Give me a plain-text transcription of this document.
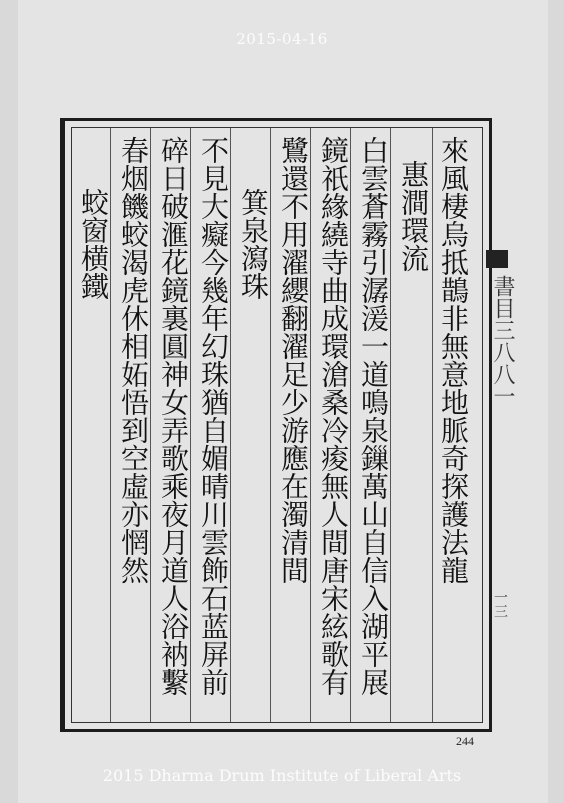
2015-04-16
來風棲烏抵鵲非無意地脈奇探護法龍
惠澗環流
白雲蒼霧引潺湲一道鳴泉鏁萬山自信入湖平展
鏡祇緣繞寺曲成環滄桑冷痠無人間唐宋絃歌有
鷺還不用濯纓翻濯足少游應在濁清間
箕泉瀉珠
不見大癡今幾年幻珠猶自媚晴川雲飾石蓝屏前
碎日破滙花鏡裏圓神女弄歌乘夜月道人浴衲繫
春烟饑蛟渴虎休相妬悟到空虛亦惘然
蛟窗横鐵
書目三八八一
一三
244
2015 Dharma Drum Institute of Liberal Arts
